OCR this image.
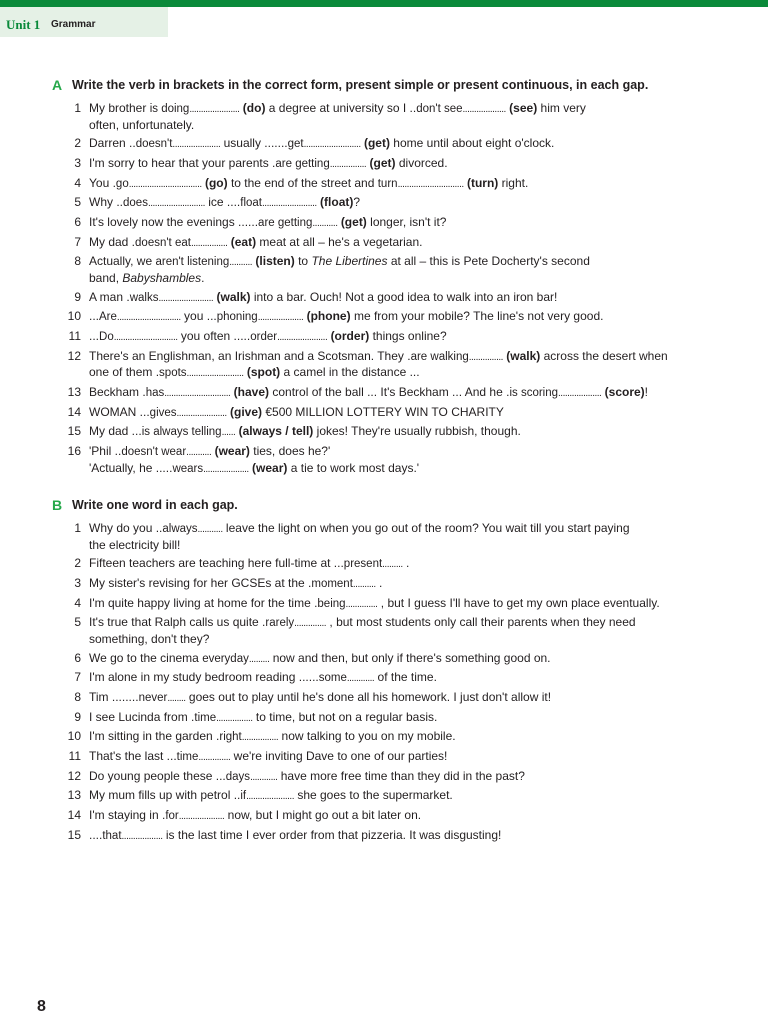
Unit 1 Grammar
A Write the verb in brackets in the correct form, present simple or present continuous, in each gap.
1 My brother is doing...................... (do) a degree at university so I ..don't see................... (see) him very
often, unfortunately.
2 Darren ..doesn't..................... usually .......get......................... (get) home until about eight o'clock.
3 I'm sorry to hear that your parents .are getting................ (get) divorced.
4 You .go................................ (go) to the end of the street and turn............................. (turn) right.
5 Why ..does......................... ice ....float........................ (float)?
6 It's lovely now the evenings ......are getting........... (get) longer, isn't it?
7 My dad .doesn't eat................ (eat) meat at all – he's a vegetarian.
8 Actually, we aren't listening.......... (listen) to The Libertines at all – this is Pete Docherty's second
band, Babyshambles.
9 A man .walks........................ (walk) into a bar. Ouch! Not a good idea to walk into an iron bar!
10 ...Are............................ you ...phoning.................... (phone) me from your mobile? The line's not very good.
11 ...Do............................ you often .....order...................... (order) things online?
12 There's an Englishman, an Irishman and a Scotsman. They .are walking............... (walk) across the desert when
one of them .spots......................... (spot) a camel in the distance ...
13 Beckham .has............................. (have) control of the ball ... It's Beckham ... And he .is scoring................... (score)!
14 WOMAN ...gives...................... (give) €500 MILLION LOTTERY WIN TO CHARITY
15 My dad ...is always telling...... (always / tell) jokes! They're usually rubbish, though.
16 'Phil ..doesn't wear........... (wear) ties, does he?'
'Actually, he .....wears.................... (wear) a tie to work most days.'
B Write one word in each gap.
1 Why do you ..always........... leave the light on when you go out of the room? You wait till you start paying
the electricity bill!
2 Fifteen teachers are teaching here full-time at ...present......... .
3 My sister's revising for her GCSEs at the .moment.......... .
4 I'm quite happy living at home for the time .being.............. , but I guess I'll have to get my own place eventually.
5 It's true that Ralph calls us quite .rarely.............. , but most students only call their parents when they need
something, don't they?
6 We go to the cinema everyday......... now and then, but only if there's something good on.
7 I'm alone in my study bedroom reading ......some............ of the time.
8 Tim ........never........ goes out to play until he's done all his homework. I just don't allow it!
9 I see Lucinda from .time................ to time, but not on a regular basis.
10 I'm sitting in the garden .right................ now talking to you on my mobile.
11 That's the last ...time.............. we're inviting Dave to one of our parties!
12 Do young people these ...days............ have more free time than they did in the past?
13 My mum fills up with petrol ..if..................... she goes to the supermarket.
14 I'm staying in .for.................... now, but I might go out a bit later on.
15 ....that.................. is the last time I ever order from that pizzeria. It was disgusting!
8
